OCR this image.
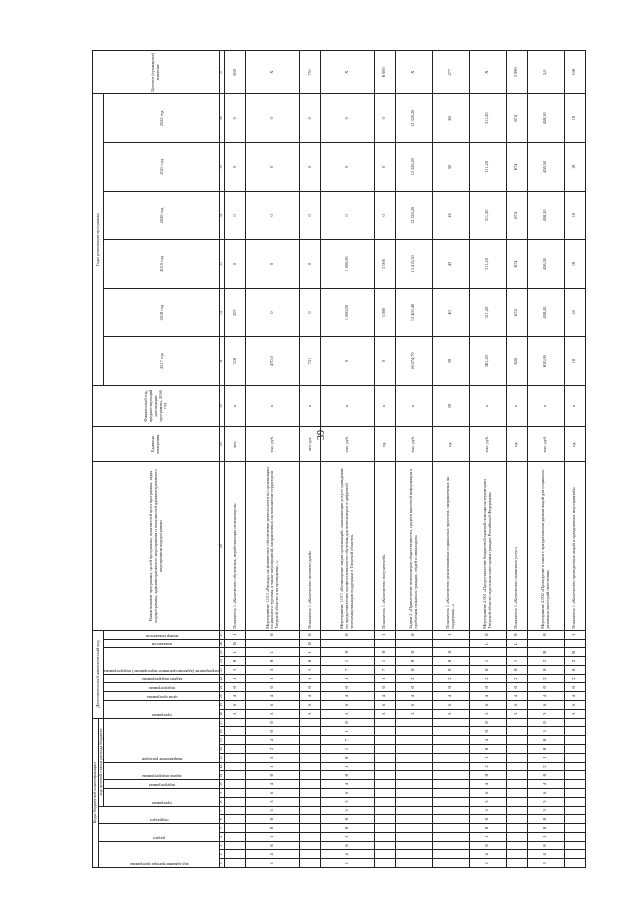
39
Коды бюджетной классификации																	Дополнительный аналитический код										Наименование программы, целей программы, показателей цели программы, задач подпрограммы, административного мероприятия и показателей административного мероприятия подпрограммы	Единица измерения	Финансовый год, предшествующий реализации программы, 2016 год	Годы реализации программы						Целевое (суммарное) значение

код администратора программы			раздел		подраздел		код целевой статьи расхода бюджета																													

							программа		подпрограмма	задача подпрограммы		направление расходов					программа		цели программы	подпрограмма	задачи подпрограммы	мероприятие (административное мероприятие) подпрограммы			показатели	номер показателя				2017 год	2018 год	2019 год	2020 год	2021 год	2022 год	

1	2	3	4	5	6	7	8	9	10	11	12	13	14	15	16	17	18	19	20	21	22	23	24	25	26	27	28	29	30	31	32	33	34	35	36	37
																	3	6	4	0	1	3	0	1	В	1	Показатель 1 «Количество обученных, неработающих пенсионеров»	чел.	х	318	297	0	0	0	0	630
1	4	8	1	0	0	3	3	6	4	0	1	3	2	4	0	0	3	6	4	0	1	3	0	1		0	Мероприятие 1.013 «Расходы на финансовое обеспечение деятельности по организации социального туризма, а также мероприятий, направленных на повышение территории Тверской области и на проведение...»	тыс. руб.	х	470,0	0	0	0	0	0	Х
																	3	6	4	0	1	3	0	1	В	0	Показатель 1 «Количество человеко-дней»	чел.-дн.	х	751	0	0	0	0	0	751
1	4	8	1	0	0	3	3	6	4	0	1	0	1	7	1	0	3	6	4	0	1	7	1	0		0	Мероприятие 1.017 «Возмещение затрат организаций, оказывающих услуги гражданам по предоставлению профессионального обучения для пенсионеров в цифровой телекоммуникации поддержки в Тверской области»	тыс. руб.	х	0	1 000,00	1 000,00	0	0	0	Х
																	3	6	4	0	1	7	1	0		1	Показатель 1 «Количество получателей»	ед.	х	0	3 000	3 000	0	0	0	6 000
																	3	6	4	0	2	0	0	0		0	Задача 2 «Привлечение пенсионеров общественности, средств массовой информации к проблемам пожилых граждан, людей и инвалидов»	тыс. руб.	х	16 074,70	13 403,40	13 415,30	12 320,20	12 320,20	12 320,20	Х
																	3	6	4	0	2	0	0	0		1	Показатель 1 «Количество реализованных социальных проектов, направленных на поддержку...»	ед.	39	39	40	43	45	50	60	277
1	4	8	1	0	0	3	3	6	4	0	2	1	0	4	0	0	3	6	4	0	2	0	1		L	0	Мероприятие 2.001 «Предоставление бюджетной краевой помощи на территории Тверской области отдельным категориям граждан Российской Федерации»	тыс. руб.	х	361,20	311,20	311,20	311,20	311,20	311,20	Х
																	3	6	4	0	2	0	1		L	0	Показатель 1 «Количество оказанных услуг»	ед.	х	620	674	674	674	674	674	3 990
1	4	8	1	0	0	3	3	6	4	0	2	1	0	0	3	0	3	6	4	0	2	0	2	В		0	Мероприятие 2.002 «Проведение в связи с праздничными датами акций для социально уязвимых категорий населения»	тыс. руб.	х	630,00	458,50	458,50	458,50	458,50	458,50	5,0
																	3	6	4	0	2	0	2	В		1	Показатель 1 «Количество проведенных акций и праздничных мероприятий»	ед.	х	18	18	18	18	18	18	108
